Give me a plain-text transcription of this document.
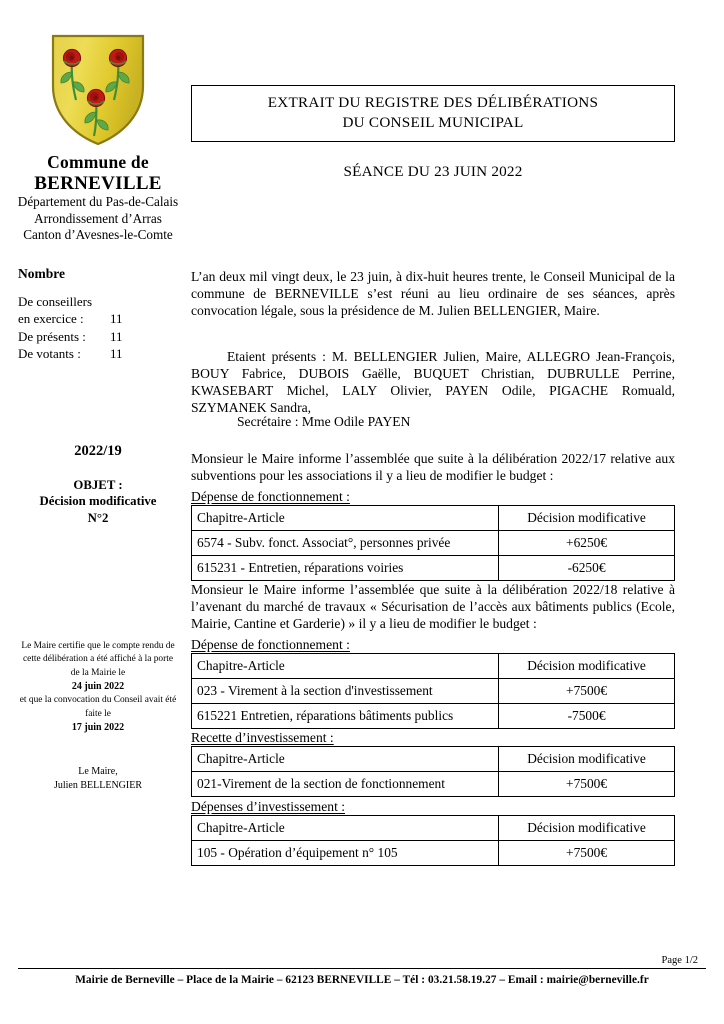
Commune de
BERNEVILLE
Département du Pas-de-Calais
Arrondissement d’Arras
Canton d’Avesnes-le-Comte
Nombre
De conseillers
en exercice :	11
De présents :	11
De votants :	11
2022/19
OBJET :
Décision modificative
N°2
Le Maire certifie que le compte rendu de cette délibération a été affiché à la porte de la Mairie le
24 juin 2022
et que la convocation du Conseil avait été faite le
17 juin 2022
Le Maire,
Julien BELLENGIER
EXTRAIT DU REGISTRE DES DÉLIBÉRATIONS
DU CONSEIL MUNICIPAL
SÉANCE DU 23 JUIN 2022
L’an deux mil vingt deux, le 23 juin, à dix-huit heures trente, le Conseil Municipal de la commune de BERNEVILLE s’est réuni au lieu ordinaire de ses séances, après convocation légale, sous la présidence de M. Julien BELLENGIER, Maire.
Etaient présents : M. BELLENGIER Julien, Maire, ALLEGRO Jean-François, BOUY Fabrice, DUBOIS Gaëlle, BUQUET Christian, DUBRULLE Perrine, KWASEBART Michel, LALY Olivier, PAYEN Odile, PIGACHE Romuald, SZYMANEK Sandra,
Secrétaire : Mme Odile PAYEN
Monsieur le Maire informe l’assemblée que suite à la délibération 2022/17 relative aux subventions pour les associations il y a lieu de modifier le budget :
Dépense de fonctionnement :
Chapitre-Article	Décision modificative
6574 - Subv. fonct. Associat°, personnes privée	+6250€
615231 - Entretien, réparations voiries	-6250€
Monsieur le Maire informe l’assemblée que suite à la délibération 2022/18 relative à l’avenant du marché de travaux « Sécurisation de l’accès aux bâtiments publics (Ecole, Mairie, Cantine et Garderie) » il y a lieu de modifier le budget :
Dépense de fonctionnement :
Chapitre-Article	Décision modificative
023 - Virement à la section d'investissement	+7500€
615221 Entretien, réparations bâtiments publics	-7500€
Recette d’investissement :
Chapitre-Article	Décision modificative
021-Virement de la section de fonctionnement	+7500€
Dépenses d’investissement :
Chapitre-Article	Décision modificative
105 - Opération d’équipement n° 105	+7500€
Page 1/2
Mairie de Berneville – Place de la Mairie – 62123 BERNEVILLE – Tél : 03.21.58.19.27 – Email : mairie@berneville.fr
